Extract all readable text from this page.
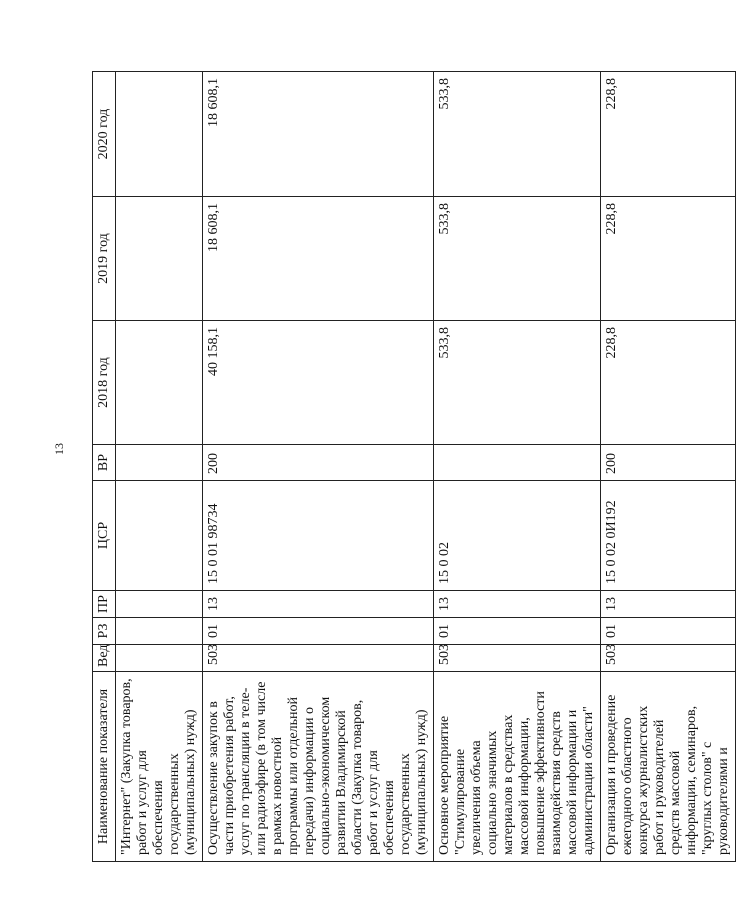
13
Наименование показателя	Вед	РЗ	ПР	ЦСР	ВР	2018 год	2019 год	2020 год
"Интернет" (Закупка товаров, работ и услуг для обеспечения государственных (муниципальных) нужд)								
Осуществление закупок в части приобретения работ, услуг по трансляции в теле- или радиоэфире (в том числе в рамках новостной программы или отдельной передачи) информации о социально-экономическом развитии Владимирской области (Закупка товаров, работ и услуг для обеспечения государственных (муниципальных) нужд)	503	01	13	15 0 01 98734	200	40 158,1	18 608,1	18 608,1
Основное мероприятие "Стимулирование увеличения объема социально значимых материалов в средствах массовой информации, повышение эффективности взаимодействия средств массовой информации и администрации области"	503	01	13	15 0 02		533,8	533,8	533,8
Организация и проведение ежегодного областного конкурса журналистских работ и руководителей средств массовой информации, семинаров, "круглых столов" с руководителями и	503	01	13	15 0 02 0И192	200	228,8	228,8	228,8
